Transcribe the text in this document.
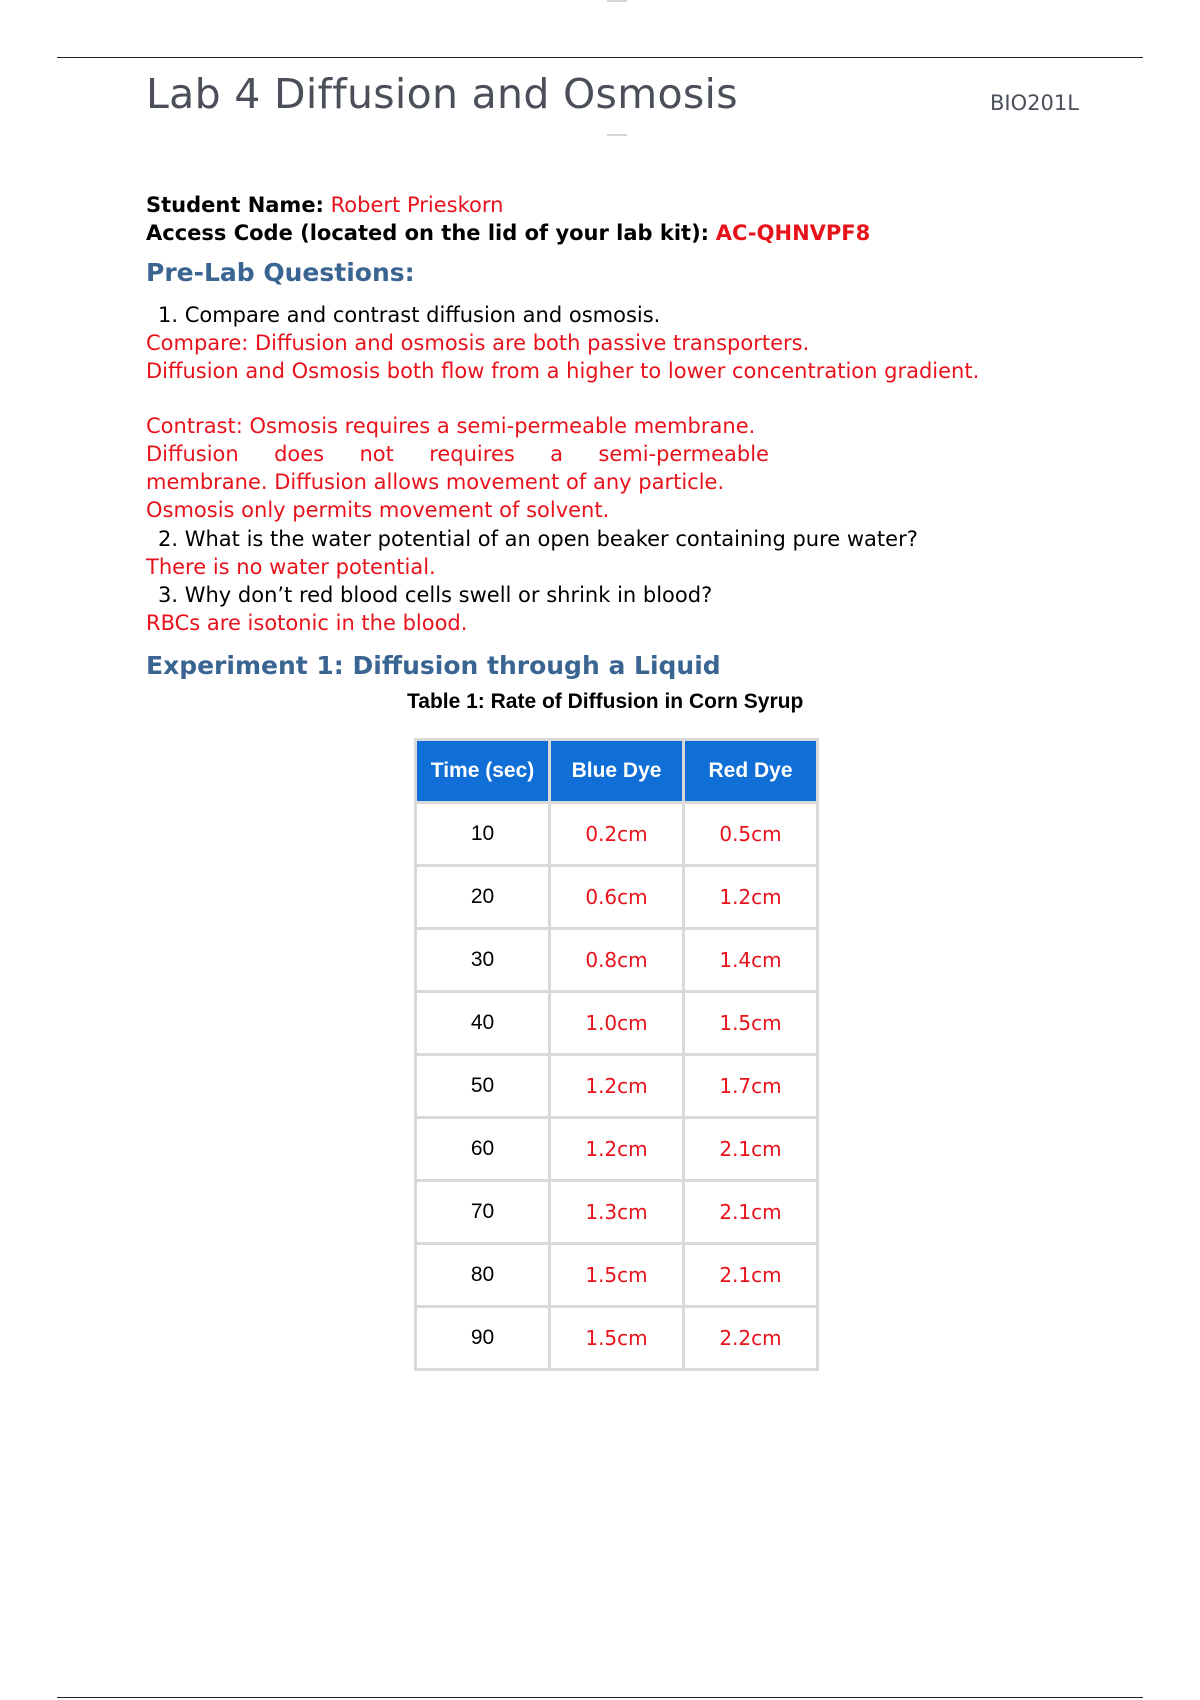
Lab 4 Diffusion and Osmosis	BIO201L
Student Name: Robert Prieskorn
Access Code (located on the lid of your lab kit): AC-QHNVPF8
Pre-Lab Questions:
1. Compare and contrast diffusion and osmosis.
Compare: Diffusion and osmosis are both passive transporters.
Diffusion and Osmosis both flow from a higher to lower concentration gradient.
Contrast: Osmosis requires a semi-permeable membrane.
Diffusion does not requires a semi-permeable
membrane. Diffusion allows movement of any particle.
Osmosis only permits movement of solvent.
2. What is the water potential of an open beaker containing pure water?
There is no water potential.
3. Why don’t red blood cells swell or shrink in blood?
RBCs are isotonic in the blood.
Experiment 1: Diffusion through a Liquid
Table 1: Rate of Diffusion in Corn Syrup
Time (sec)	Blue Dye	Red Dye
10	0.2cm	0.5cm
20	0.6cm	1.2cm
30	0.8cm	1.4cm
40	1.0cm	1.5cm
50	1.2cm	1.7cm
60	1.2cm	2.1cm
70	1.3cm	2.1cm
80	1.5cm	2.1cm
90	1.5cm	2.2cm
